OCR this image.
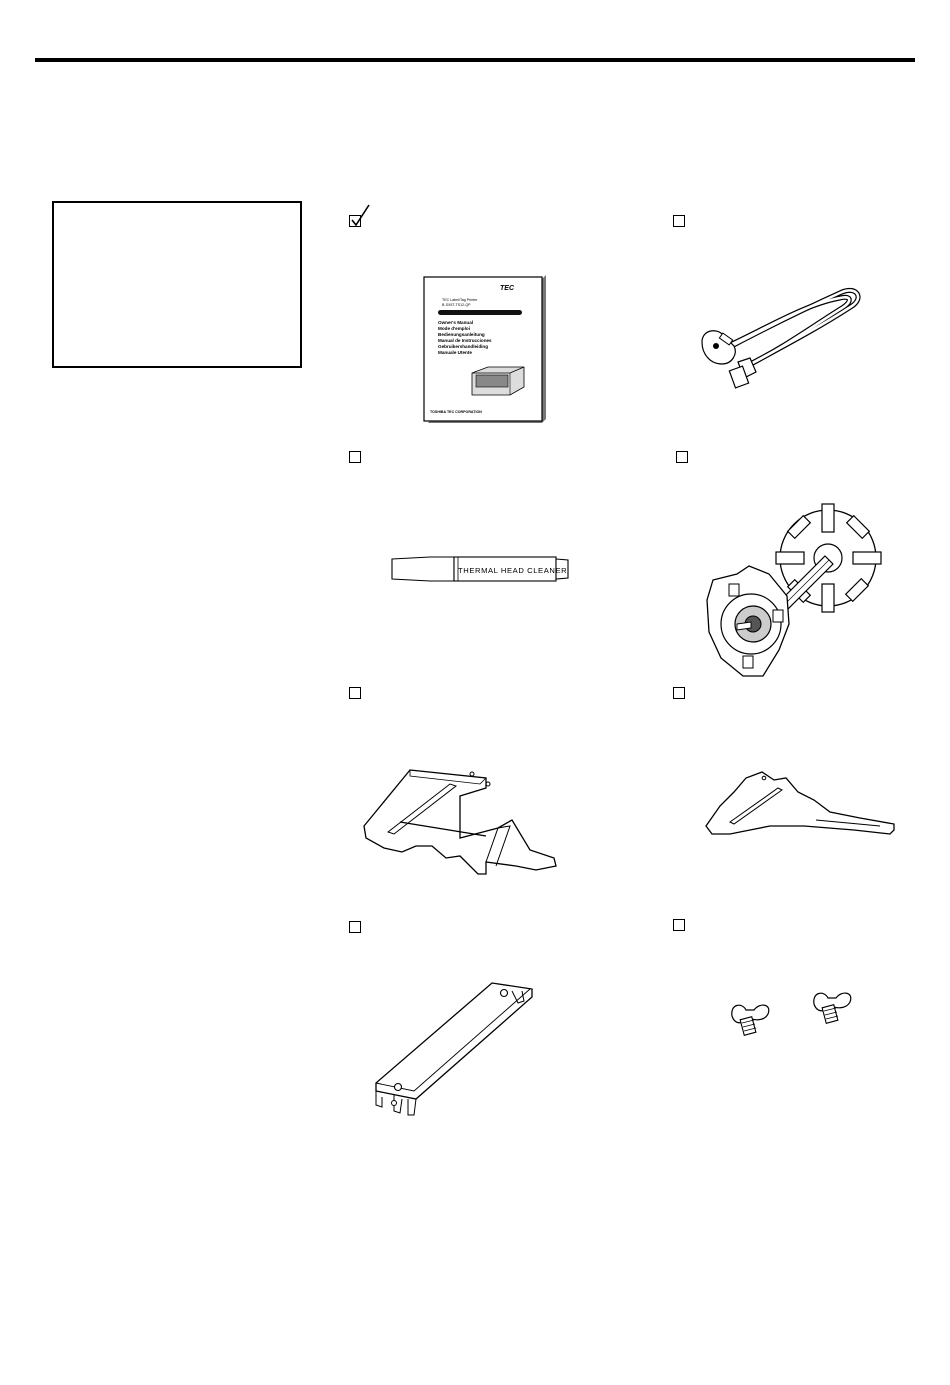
TEC
TEC Label/Tag Printer
B-SX5T-TS12-QP
Owner's Manual
Mode d'emploi
Bedienungsanleitung
Manual de Instrucciones
Gebruikershandleiding
Manuale Utente
TOSHIBA TEC CORPORATION
THERMAL HEAD CLEANER
